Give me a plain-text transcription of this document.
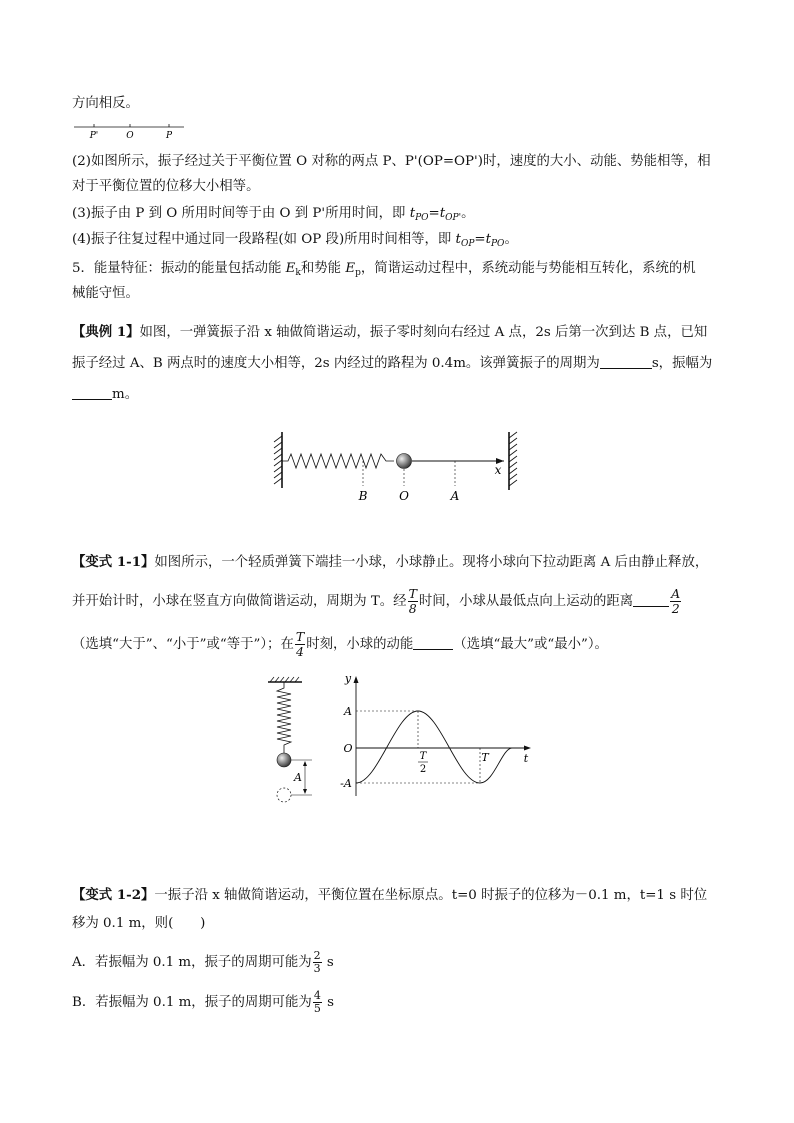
方向相反。
P'	O	P
(2)如图所示，振子经过关于平衡位置 O 对称的两点 P、P'(OP=OP')时，速度的大小、动能、势能相等，相
对于平衡位置的位移大小相等。
(3)振子由 P 到 O 所用时间等于由 O 到 P'所用时间，即 $t_{PO}=t_{OP'}$。
(4)振子往复过程中通过同一段路程(如 OP 段)所用时间相等，即 $t_{OP}=t_{PO}$。
5．能量特征：振动的能量包括动能 $E_k$和势能 $E_p$，简谐运动过程中，系统动能与势能相互转化，系统的机
械能守恒。
【典例 1】如图，一弹簧振子沿 x 轴做简谐运动，振子零时刻向右经过 A 点，2s 后第一次到达 B 点，已知
振子经过 A、B 两点时的速度大小相等，2s 内经过的路程为 0.4m。该弹簧振子的周期为	s，振幅为
m。
B	O	A
x
【变式 1-1】如图所示，一个轻质弹簧下端挂一小球，小球静止。现将小球向下拉动距离 A 后由静止释放，
并开始计时，小球在竖直方向做简谐运动，周期为 T。经 $\frac{T}{8}$ 时间，小球从最低点向上运动的距离	$\frac{A}{2}$
（选填“大于”、“小于”或“等于”）；在 $\frac{T}{4}$ 时刻，小球的动能	（选填“最大”或“最小”）。
A
y
A
O
-A
T
2
T	t
【变式 1-2】一振子沿 x 轴做简谐运动，平衡位置在坐标原点。t=0 时振子的位移为－0.1 m，t=1 s 时位
移为 0.1 m，则(　　)
A．若振幅为 0.1 m，振子的周期可能为 $\frac{2}{3}$ s
B．若振幅为 0.1 m，振子的周期可能为 $\frac{4}{5}$ s
